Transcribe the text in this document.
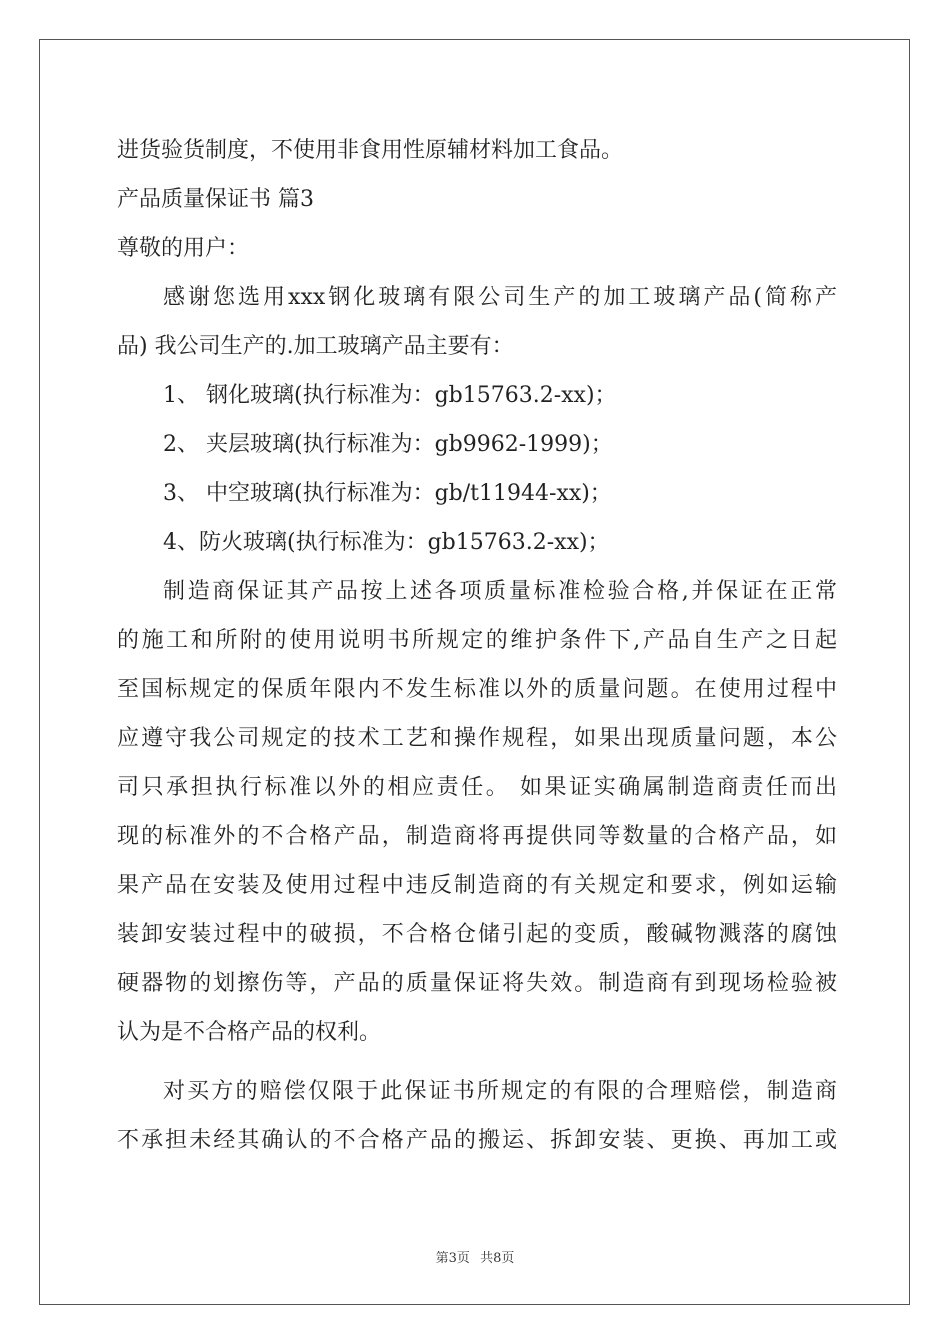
进货验货制度，不使用非食用性原辅材料加工食品。

产品质量保证书 篇3

尊敬的用户：

感谢您选用xxx钢化玻璃有限公司生产的加工玻璃产品(简称产

品) 我公司生产的.加工玻璃产品主要有：

1、 钢化玻璃(执行标准为：gb15763.2-xx)；

2、 夹层玻璃(执行标准为：gb9962-1999)；

3、 中空玻璃(执行标准为：gb/t11944-xx)；

4、防火玻璃(执行标准为：gb15763.2-xx)；

制造商保证其产品按上述各项质量标准检验合格,并保证在正常

的施工和所附的使用说明书所规定的维护条件下,产品自生产之日起

至国标规定的保质年限内不发生标准以外的质量问题。在使用过程中

应遵守我公司规定的技术工艺和操作规程，如果出现质量问题，本公

司只承担执行标准以外的相应责任。 如果证实确属制造商责任而出

现的标准外的不合格产品，制造商将再提供同等数量的合格产品，如

果产品在安装及使用过程中违反制造商的有关规定和要求，例如运输

装卸安装过程中的破损，不合格仓储引起的变质，酸碱物溅落的腐蚀

硬器物的划擦伤等，产品的质量保证将失效。制造商有到现场检验被

认为是不合格产品的权利。

对买方的赔偿仅限于此保证书所规定的有限的合理赔偿，制造商

不承担未经其确认的不合格产品的搬运、拆卸安装、更换、再加工或

第3页 共8页
